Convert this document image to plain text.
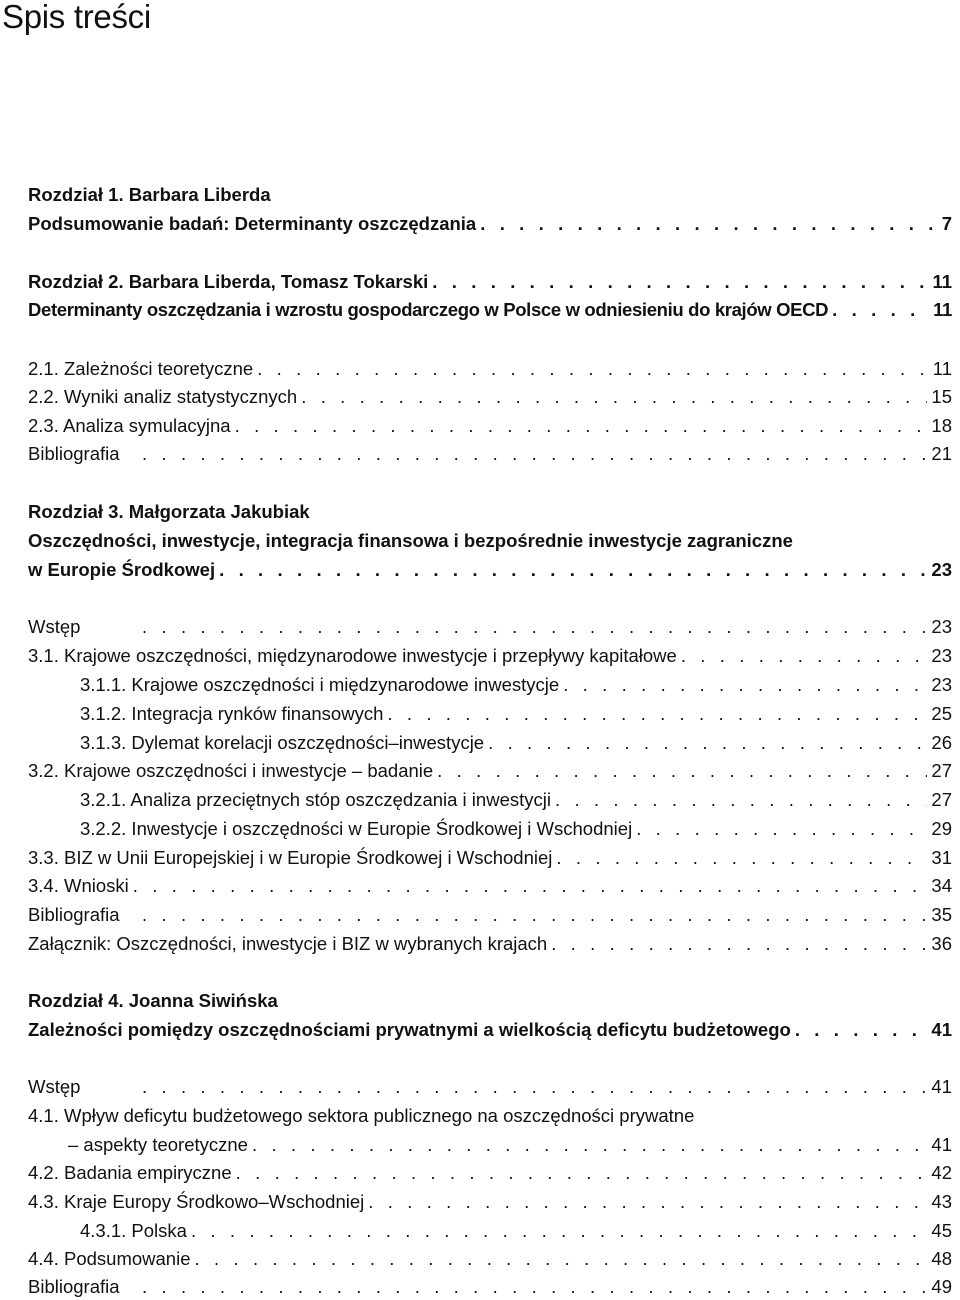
Spis treści
Rozdział 1. Barbara Liberda
Podsumowanie badań: Determinanty oszczędzania . . .	7
Rozdział 2. Barbara Liberda, Tomasz Tokarski . . .	11
Determinanty oszczędzania i wzrostu gospodarczego w Polsce w odniesieniu do krajów OECD . . .	11
2.1. Zależności teoretyczne . . .	11
2.2. Wyniki analiz statystycznych . . .	15
2.3. Analiza symulacyjna . . .	18
Bibliografia . . .	21
Rozdział 3. Małgorzata Jakubiak
Oszczędności, inwestycje, integracja finansowa i bezpośrednie inwestycje zagraniczne
w Europie Środkowej . . .	23
Wstęp . . .	23
3.1. Krajowe oszczędności, międzynarodowe inwestycje i przepływy kapitałowe . . .	23
3.1.1. Krajowe oszczędności i międzynarodowe inwestycje . . .	23
3.1.2. Integracja rynków finansowych . . .	25
3.1.3. Dylemat korelacji oszczędności–inwestycje . . .	26
3.2. Krajowe oszczędności i inwestycje – badanie . . .	27
3.2.1. Analiza przeciętnych stóp oszczędzania i inwestycji . . .	27
3.2.2. Inwestycje i oszczędności w Europie Środkowej i Wschodniej . . .	29
3.3. BIZ w Unii Europejskiej i w Europie Środkowej i Wschodniej . . .	31
3.4. Wnioski . . .	34
Bibliografia . . .	35
Załącznik: Oszczędności, inwestycje i BIZ w wybranych krajach . . .	36
Rozdział 4. Joanna Siwińska
Zależności pomiędzy oszczędnościami prywatnymi a wielkością deficytu budżetowego . . .	41
Wstęp . . .	41
4.1. Wpływ deficytu budżetowego sektora publicznego na oszczędności prywatne
– aspekty teoretyczne . . .	41
4.2. Badania empiryczne . . .	42
4.3. Kraje Europy Środkowo–Wschodniej . . .	43
4.3.1. Polska . . .	45
4.4. Podsumowanie . . .	48
Bibliografia . . .	49
